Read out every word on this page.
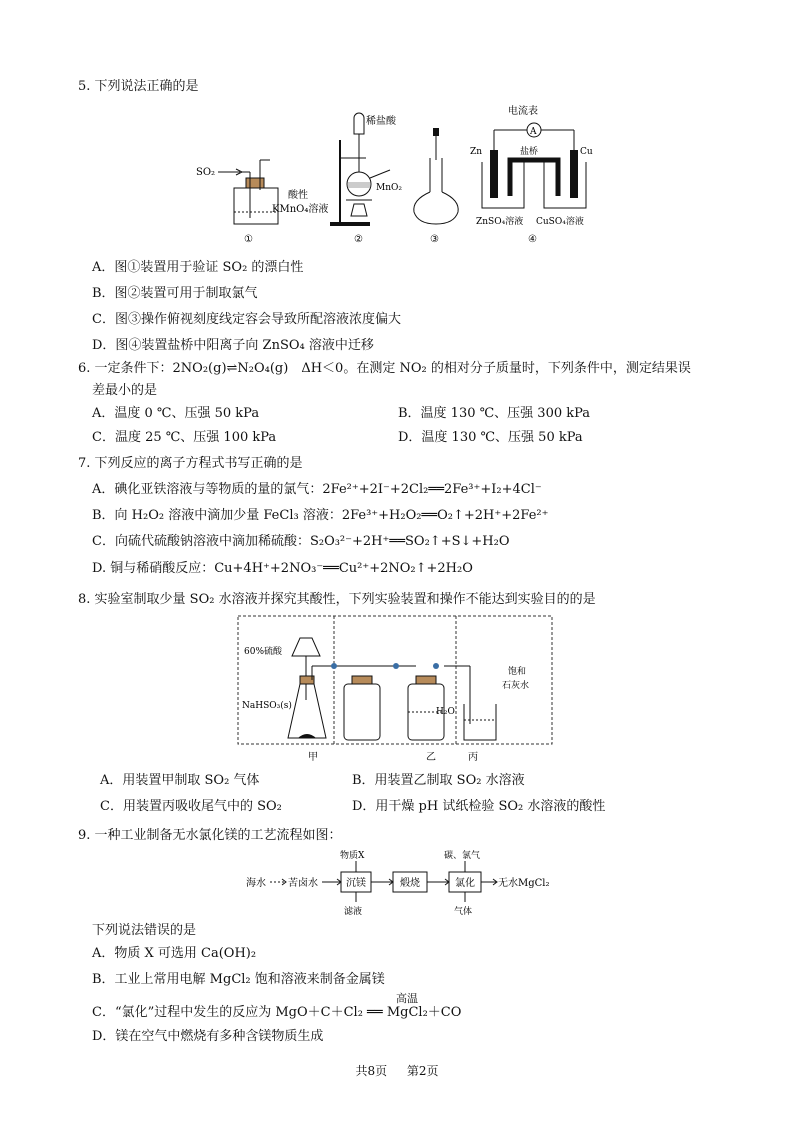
5. 下列说法正确的是
SO₂
酸性
KMnO₄溶液
①
稀盐酸
MnO₂
②	③
电流表
A
Zn	Cu
盐桥
ZnSO₄溶液 CuSO₄溶液
④
A．图①装置用于验证 SO₂ 的漂白性
B．图②装置可用于制取氯气
C．图③操作俯视刻度线定容会导致所配溶液浓度偏大
D．图④装置盐桥中阳离子向 ZnSO₄ 溶液中迁移
6. 一定条件下：2NO₂(g)⇌N₂O₄(g)　ΔH＜0。在测定 NO₂ 的相对分子质量时，下列条件中，测定结果误
差最小的是
A．温度 0 ℃、压强 50 kPa	B．温度 130 ℃、压强 300 kPa
C．温度 25 ℃、压强 100 kPa	D．温度 130 ℃、压强 50 kPa
7. 下列反应的离子方程式书写正确的是
A．碘化亚铁溶液与等物质的量的氯气：2Fe²⁺+2I⁻+2Cl₂══2Fe³⁺+I₂+4Cl⁻
B．向 H₂O₂ 溶液中滴加少量 FeCl₃ 溶液：2Fe³⁺+H₂O₂══O₂↑+2H⁺+2Fe²⁺
C．向硫代硫酸钠溶液中滴加稀硫酸：S₂O₃²⁻+2H⁺══SO₂↑+S↓+H₂O
D. 铜与稀硝酸反应：Cu+4H⁺+2NO₃⁻══Cu²⁺+2NO₂↑+2H₂O
8. 实验室制取少量 SO₂ 水溶液并探究其酸性，下列实验装置和操作不能达到实验目的的是
60%硫酸
NaHSO₃(s)
H₂O
饱和
石灰水
甲	乙	丙
A．用装置甲制取 SO₂ 气体	B．用装置乙制取 SO₂ 水溶液
C．用装置丙吸收尾气中的 SO₂	D．用干燥 pH 试纸检验 SO₂ 水溶液的酸性
9. 一种工业制备无水氯化镁的工艺流程如图：
海水 苦卤水	沉镁
物质X
滤液
煅烧	氯化
碳、氯气
气体
无水MgCl₂
下列说法错误的是
A．物质 X 可选用 Ca(OH)₂
B．工业上常用电解 MgCl₂ 饱和溶液来制备金属镁
C．“氯化”过程中发生的反应为 MgO＋C＋Cl₂ ══ MgCl₂＋CO
高温
D．镁在空气中燃烧有多种含镁物质生成
共8页 第2页
